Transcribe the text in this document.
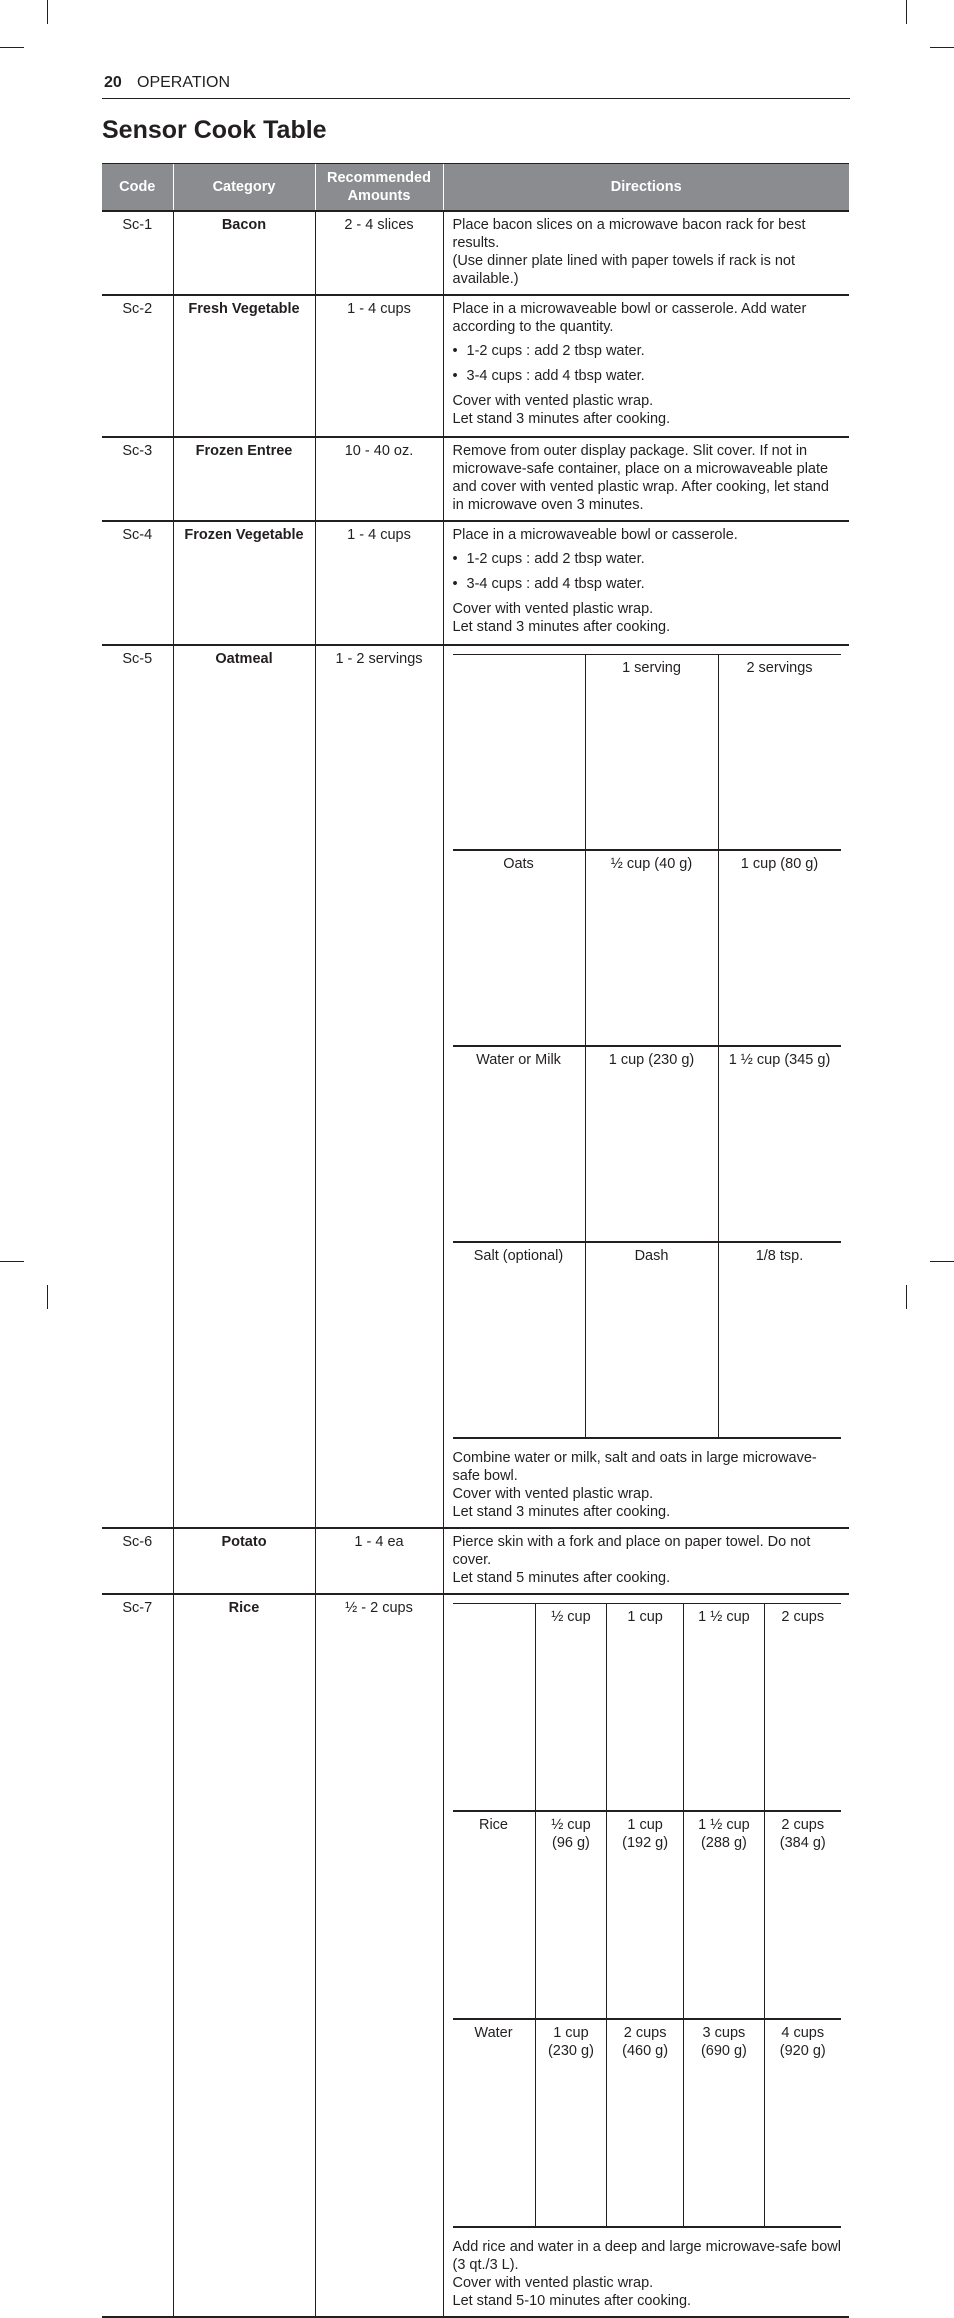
20 OPERATION
Sensor Cook Table
Code	Category	Recommended Amounts	Directions
Sc-1	Bacon	2 - 4 slices	Place bacon slices on a microwave bacon rack for best results.
(Use dinner plate lined with paper towels if rack is not available.)

Sc-2	Fresh Vegetable	1 - 4 cups	Place in a microwaveable bowl or casserole. Add water according to the quantity.
• 1-2 cups : add 2 tbsp water.
• 3-4 cups : add 4 tbsp water.
Cover with vented plastic wrap.
Let stand 3 minutes after cooking.

Sc-3	Frozen Entree	10 - 40 oz.	Remove from outer display package. Slit cover. If not in microwave-safe container, place on a microwaveable plate and cover with vented plastic wrap. After cooking, let stand in microwave oven 3 minutes.

Sc-4	Frozen Vegetable	1 - 4 cups	Place in a microwaveable bowl or casserole.
• 1-2 cups : add 2 tbsp water.
• 3-4 cups : add 4 tbsp water.
Cover with vented plastic wrap.
Let stand 3 minutes after cooking.

Sc-5	Oatmeal	1 - 2 servings	
	1 serving	2 servings
Oats	½ cup (40 g)	1 cup (80 g)
Water or Milk	1 cup (230 g)	1 ½ cup (345 g)
Salt (optional)	Dash	1/8 tsp.
Combine water or milk, salt and oats in large microwave-safe bowl.
Cover with vented plastic wrap.
Let stand 3 minutes after cooking.

Sc-6	Potato	1 - 4 ea	Pierce skin with a fork and place on paper towel. Do not cover.
Let stand 5 minutes after cooking.

Sc-7	Rice	½ - 2 cups	
	½ cup	1 cup	1 ½ cup	2 cups
Rice	½ cup (96 g)	1 cup (192 g)	1 ½ cup (288 g)	2 cups (384 g)
Water	1 cup (230 g)	2 cups (460 g)	3 cups (690 g)	4 cups (920 g)
Add rice and water in a deep and large microwave-safe bowl (3 qt./3 L).
Cover with vented plastic wrap.
Let stand 5-10 minutes after cooking.
